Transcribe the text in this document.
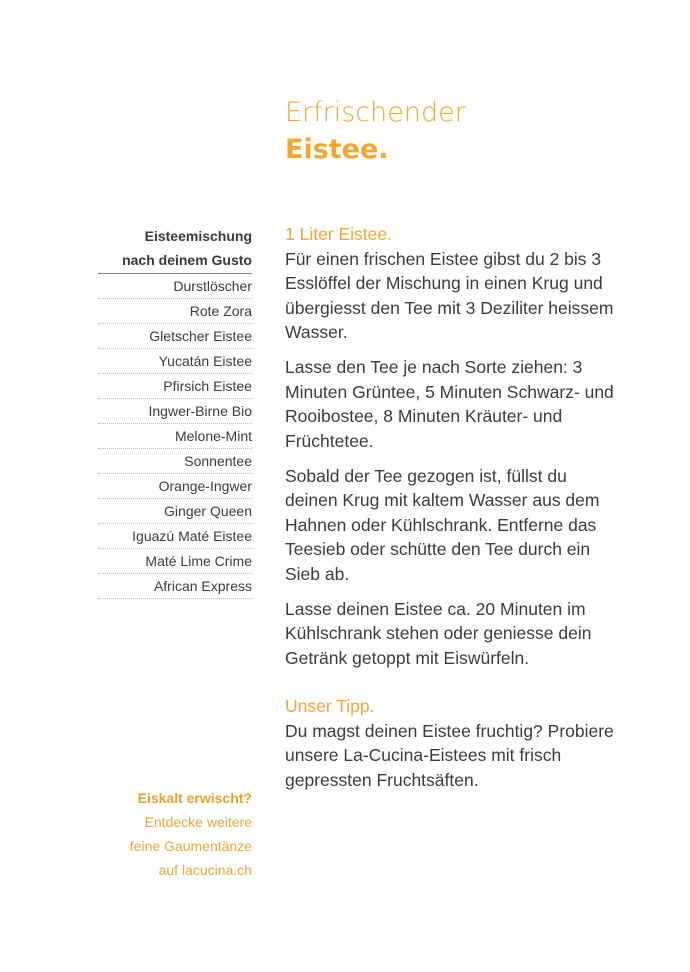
Erfrischender
Eistee.
Eisteemischung
nach deinem Gusto
Durstlöscher
Rote Zora
Gletscher Eistee
Yucatán Eistee
Pfirsich Eistee
Ingwer-Birne Bio
Melone-Mint
Sonnentee
Orange-Ingwer
Ginger Queen
Iguazú Maté Eistee
Maté Lime Crime
African Express
Eiskalt erwischt?
Entdecke weitere
feine Gaumentänze
auf lacucina.ch

1 Liter Eistee.
Für einen frischen Eistee gibst du 2 bis 3 Esslöffel der Mischung in einen Krug und übergiesst den Tee mit 3 Deziliter heissem Wasser.

Lasse den Tee je nach Sorte ziehen: 3 Minuten Grüntee, 5 Minuten Schwarz- und Rooibostee, 8 Minuten Kräuter- und Früchtetee.

Sobald der Tee gezogen ist, füllst du deinen Krug mit kaltem Wasser aus dem Hahnen oder Kühlschrank. Entferne das Teesieb oder schütte den Tee durch ein Sieb ab.

Lasse deinen Eistee ca. 20 Minuten im Kühlschrank stehen oder geniesse dein Getränk getoppt mit Eiswürfeln.

Unser Tipp.
Du magst deinen Eistee fruchtig? Probiere unsere La-Cucina-Eistees mit frisch gepressten Fruchtsäften.
